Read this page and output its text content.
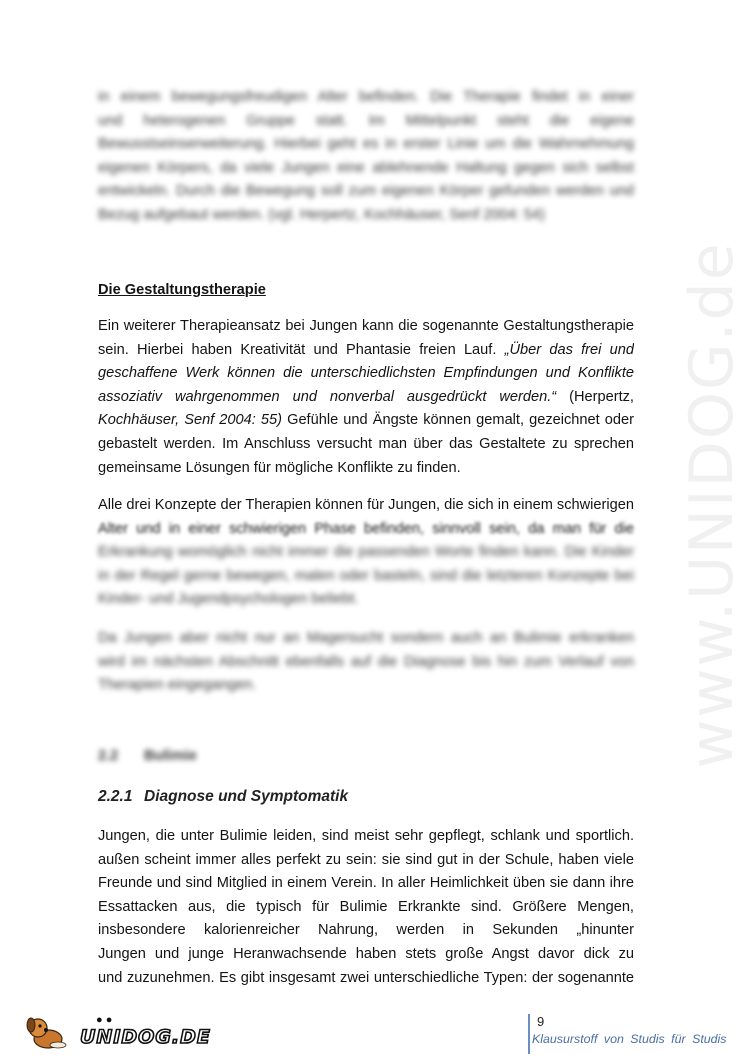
www.UNIDOG.de
in einem bewegungsfreudigen Alter befinden. Die Therapie findet in einer
und heterogenen Gruppe statt. Im Mittelpunkt steht die eigene
Bewusstseinserweiterung. Hierbei geht es in erster Linie um die Wahrnehmung
eigenen Körpers, da viele Jungen eine ablehnende Haltung gegen sich selbst
entwickeln. Durch die Bewegung soll zum eigenen Körper gefunden werden und
Bezug aufgebaut werden. (vgl. Herpertz, Kochhäuser, Senf 2004: 54)
Die Gestaltungstherapie
Ein weiterer Therapieansatz bei Jungen kann die sogenannte Gestaltungstherapie
sein. Hierbei haben Kreativität und Phantasie freien Lauf. „Über das frei und
geschaffene Werk können die unterschiedlichsten Empfindungen und Konflikte
assoziativ wahrgenommen und nonverbal ausgedrückt werden.“ (Herpertz,
Kochhäuser, Senf 2004: 55) Gefühle und Ängste können gemalt, gezeichnet oder
gebastelt werden. Im Anschluss versucht man über das Gestaltete zu sprechen
gemeinsame Lösungen für mögliche Konflikte zu finden.
Alle drei Konzepte der Therapien können für Jungen, die sich in einem schwierigen
Alter und in einer schwierigen Phase befinden, sinnvoll sein, da man für die
Erkrankung womöglich nicht immer die passenden Worte finden kann. Die Kinder
in der Regel gerne bewegen, malen oder basteln, sind die letzteren Konzepte bei
Kinder- und Jugendpsychologen beliebt.
Da Jungen aber nicht nur an Magersucht sondern auch an Bulimie erkranken
wird im nächsten Abschnitt ebenfalls auf die Diagnose bis hin zum Verlauf von
Therapien eingegangen.
2.2 Bulimie
2.2.1 Diagnose und Symptomatik
Jungen, die unter Bulimie leiden, sind meist sehr gepflegt, schlank und sportlich.
außen scheint immer alles perfekt zu sein: sie sind gut in der Schule, haben viele
Freunde und sind Mitglied in einem Verein. In aller Heimlichkeit üben sie dann ihre
Essattacken aus, die typisch für Bulimie Erkrankte sind. Größere Mengen,
insbesondere kalorienreicher Nahrung, werden in Sekunden „hinunter
Jungen und junge Heranwachsende haben stets große Angst davor dick zu
und zuzunehmen. Es gibt insgesamt zwei unterschiedliche Typen: der sogenannte
● ●
UNIDOG.DE
9
Klausurstoff von Studis für Studis
